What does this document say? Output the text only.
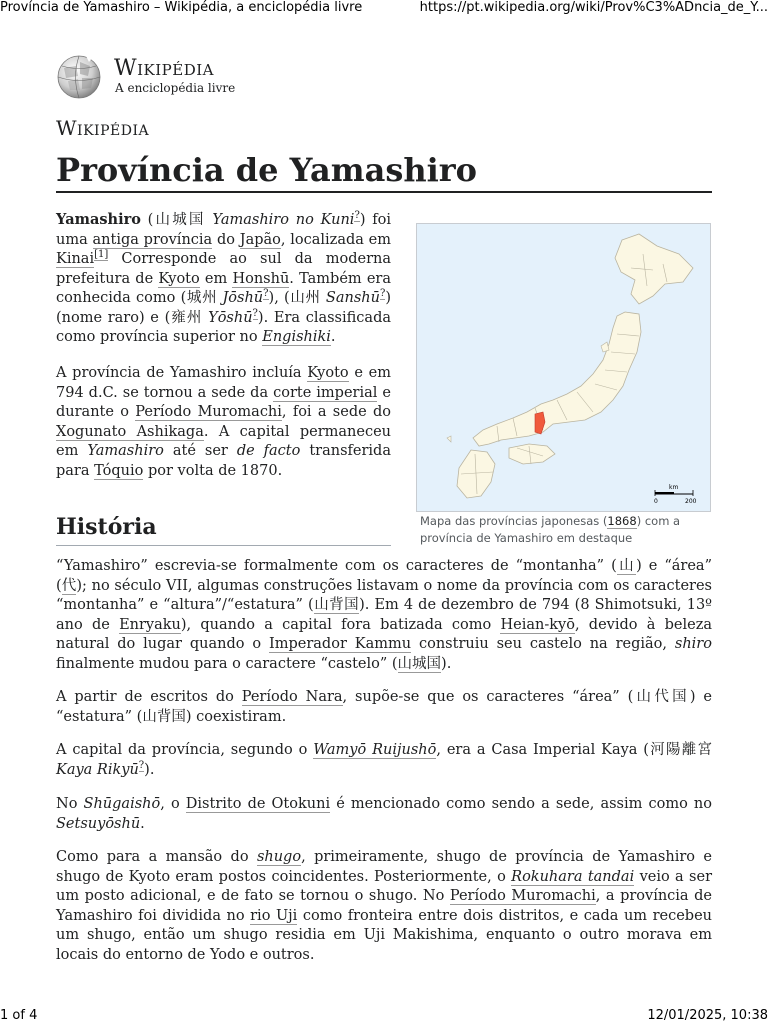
Província de Yamashiro – Wikipédia, a enciclopédia livre	https://pt.wikipedia.org/wiki/Prov%C3%ADncia_de_Y...
Wikipédia
A enciclopédia livre
Wikipédia
Província de Yamashiro

Yamashiro (山城国 Yamashiro no Kuni?) foi uma antiga província do Japão, localizada em Kinai[1] Corresponde ao sul da moderna prefeitura de Kyoto em Honshū. Também era conhecida como (城州 Jōshū?), (山州 Sanshū?) (nome raro) e (雍州 Yōshū?). Era classificada como província superior no Engishiki.

A província de Yamashiro incluía Kyoto e em 794 d.C. se tornou a sede da corte imperial e durante o Período Muromachi, foi a sede do Xogunato Ashikaga. A capital permaneceu em Yamashiro até ser de facto transferida para Tóquio por volta de 1870.

km
0	200
Mapa das províncias japonesas (1868) com a província de Yamashiro em destaque
História

“Yamashiro” escrevia-se formalmente com os caracteres de “montanha” (山) e “área” (代); no século VII, algumas construções listavam o nome da província com os caracteres “montanha” e “altura”/“estatura” (山背国). Em 4 de dezembro de 794 (8 Shimotsuki, 13º ano de Enryaku), quando a capital fora batizada como Heian-kyō, devido à beleza natural do lugar quando o Imperador Kammu construiu seu castelo na região, shiro finalmente mudou para o caractere “castelo” (山城国).

A partir de escritos do Período Nara, supõe-se que os caracteres “área” (山代国) e “estatura” (山背国) coexistiram.

A capital da província, segundo o Wamyō Ruijushō, era a Casa Imperial Kaya (河陽離宮 Kaya Rikyū?).

No Shūgaishō, o Distrito de Otokuni é mencionado como sendo a sede, assim como no Setsuyōshū.

Como para a mansão do shugo, primeiramente, shugo de província de Yamashiro e shugo de Kyoto eram postos coincidentes. Posteriormente, o Rokuhara tandai veio a ser um posto adicional, e de fato se tornou o shugo. No Período Muromachi, a província de Yamashiro foi dividida no rio Uji como fronteira entre dois distritos, e cada um recebeu um shugo, então um shugo residia em Uji Makishima, enquanto o outro morava em locais do entorno de Yodo e outros.

1 of 4	12/01/2025, 10:38
